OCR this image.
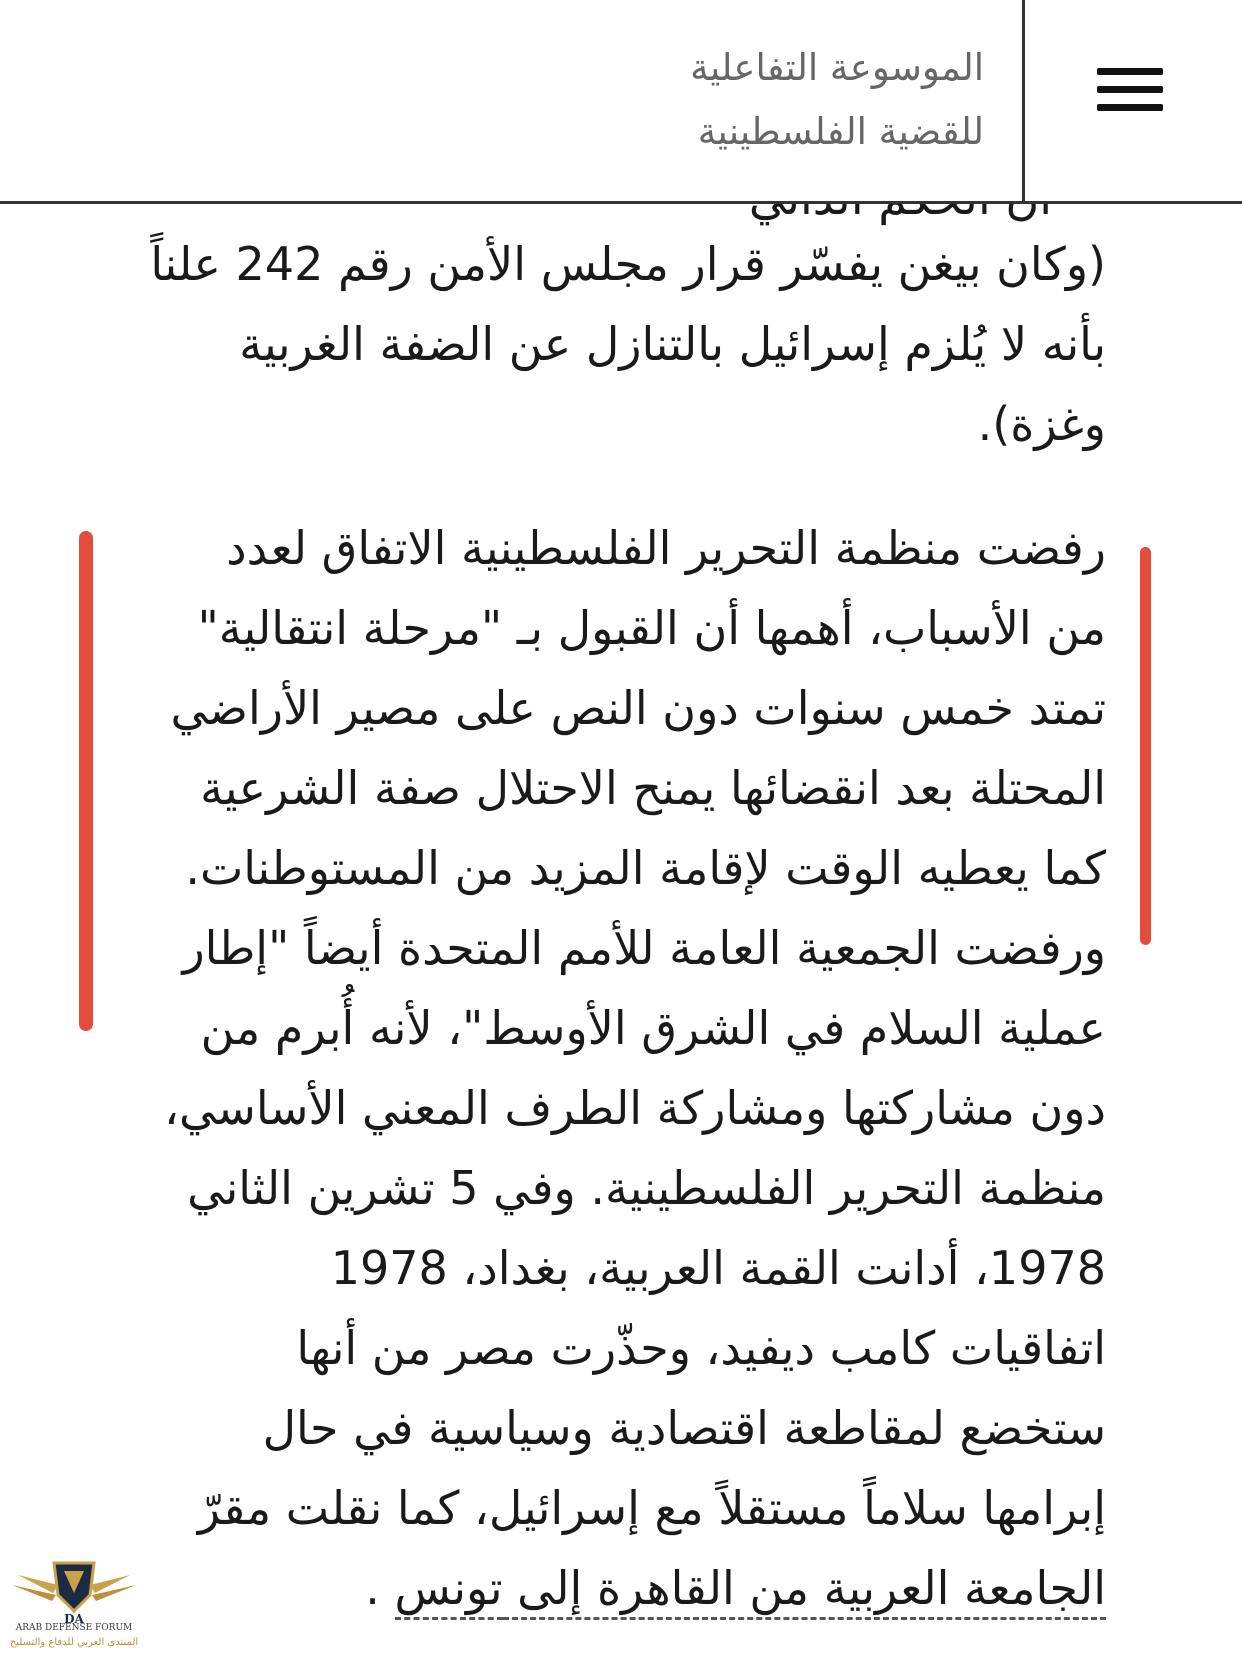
الموسوعة التفاعلية
للقضية الفلسطينية
(وكان بيغن يفسّر قرار مجلس الأمن رقم 242 علناً
بأنه لا يُلزم إسرائيل بالتنازل عن الضفة الغربية
وغزة).
رفضت منظمة التحرير الفلسطينية الاتفاق لعدد
من الأسباب، أهمها أن القبول بـ "مرحلة انتقالية"
تمتد خمس سنوات دون النص على مصير الأراضي
المحتلة بعد انقضائها يمنح الاحتلال صفة الشرعية
كما يعطيه الوقت لإقامة المزيد من المستوطنات.
ورفضت الجمعية العامة للأمم المتحدة أيضاً "إطار
عملية السلام في الشرق الأوسط"، لأنه أُبرم من
دون مشاركتها ومشاركة الطرف المعني الأساسي،
منظمة التحرير الفلسطينية. وفي 5 تشرين الثاني
1978، أدانت القمة العربية، بغداد، 1978
اتفاقيات كامب ديفيد، وحذّرت مصر من أنها
ستخضع لمقاطعة اقتصادية وسياسية في حال
إبرامها سلاماً مستقلاً مع إسرائيل، كما نقلت مقرّ
الجامعة العربية من القاهرة إلى تونس .
DA
ARAB DEFENSE FORUM
المنتدى العربي للدفاع والتسليح
